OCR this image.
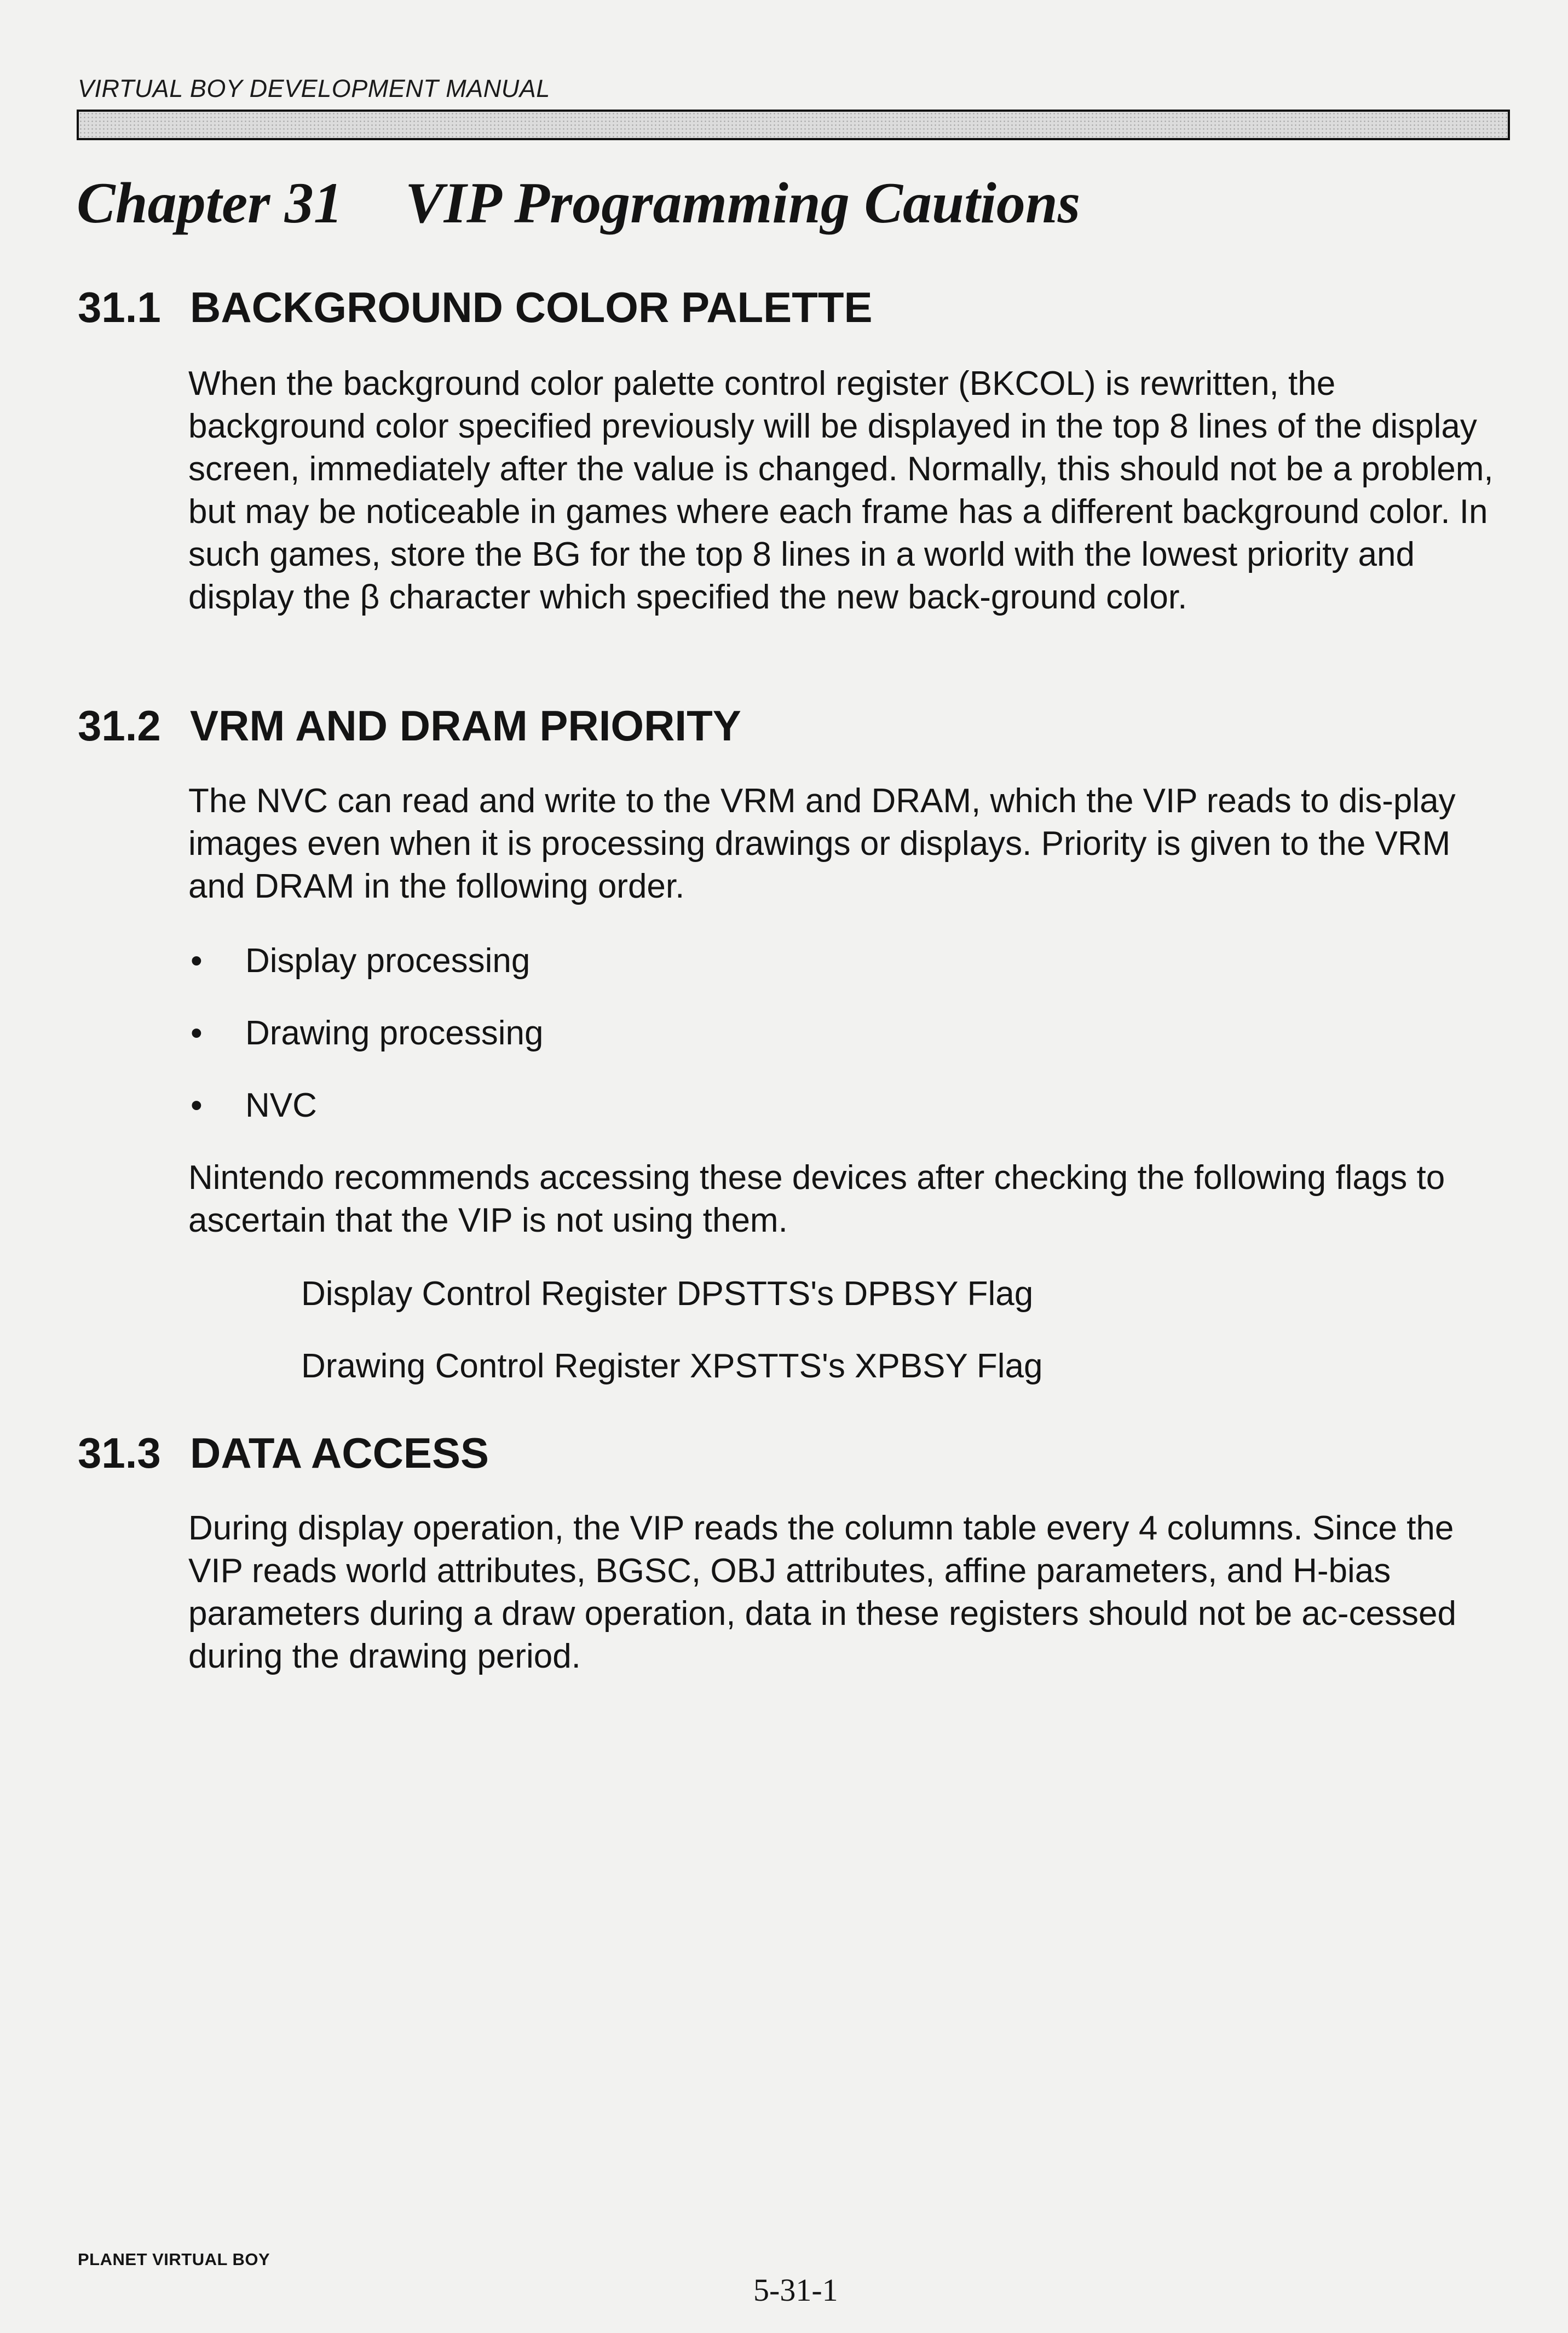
VIRTUAL BOY DEVELOPMENT MANUAL
Chapter 31 VIP Programming Cautions
31.1 BACKGROUND COLOR PALETTE

When the background color palette control register (BKCOL) is rewritten, the background color specified previously will be displayed in the top 8 lines of the display screen, immediately after the value is changed. Normally, this should not be a problem, but may be noticeable in games where each frame has a different background color. In such games, store the BG for the top 8 lines in a world with the lowest priority and display the β character which specified the new back-ground color.

31.2 VRM AND DRAM PRIORITY

The NVC can read and write to the VRM and DRAM, which the VIP reads to dis-play images even when it is processing drawings or displays. Priority is given to the VRM and DRAM in the following order.

• Display processing
• Drawing processing
• NVC

Nintendo recommends accessing these devices after checking the following flags to ascertain that the VIP is not using them.

Display Control Register DPSTTS's DPBSY Flag
Drawing Control Register XPSTTS's XPBSY Flag
31.3 DATA ACCESS

During display operation, the VIP reads the column table every 4 columns. Since the VIP reads world attributes, BGSC, OBJ attributes, affine parameters, and H-bias parameters during a draw operation, data in these registers should not be ac-cessed during the drawing period.

PLANET VIRTUAL BOY
5-31-1
